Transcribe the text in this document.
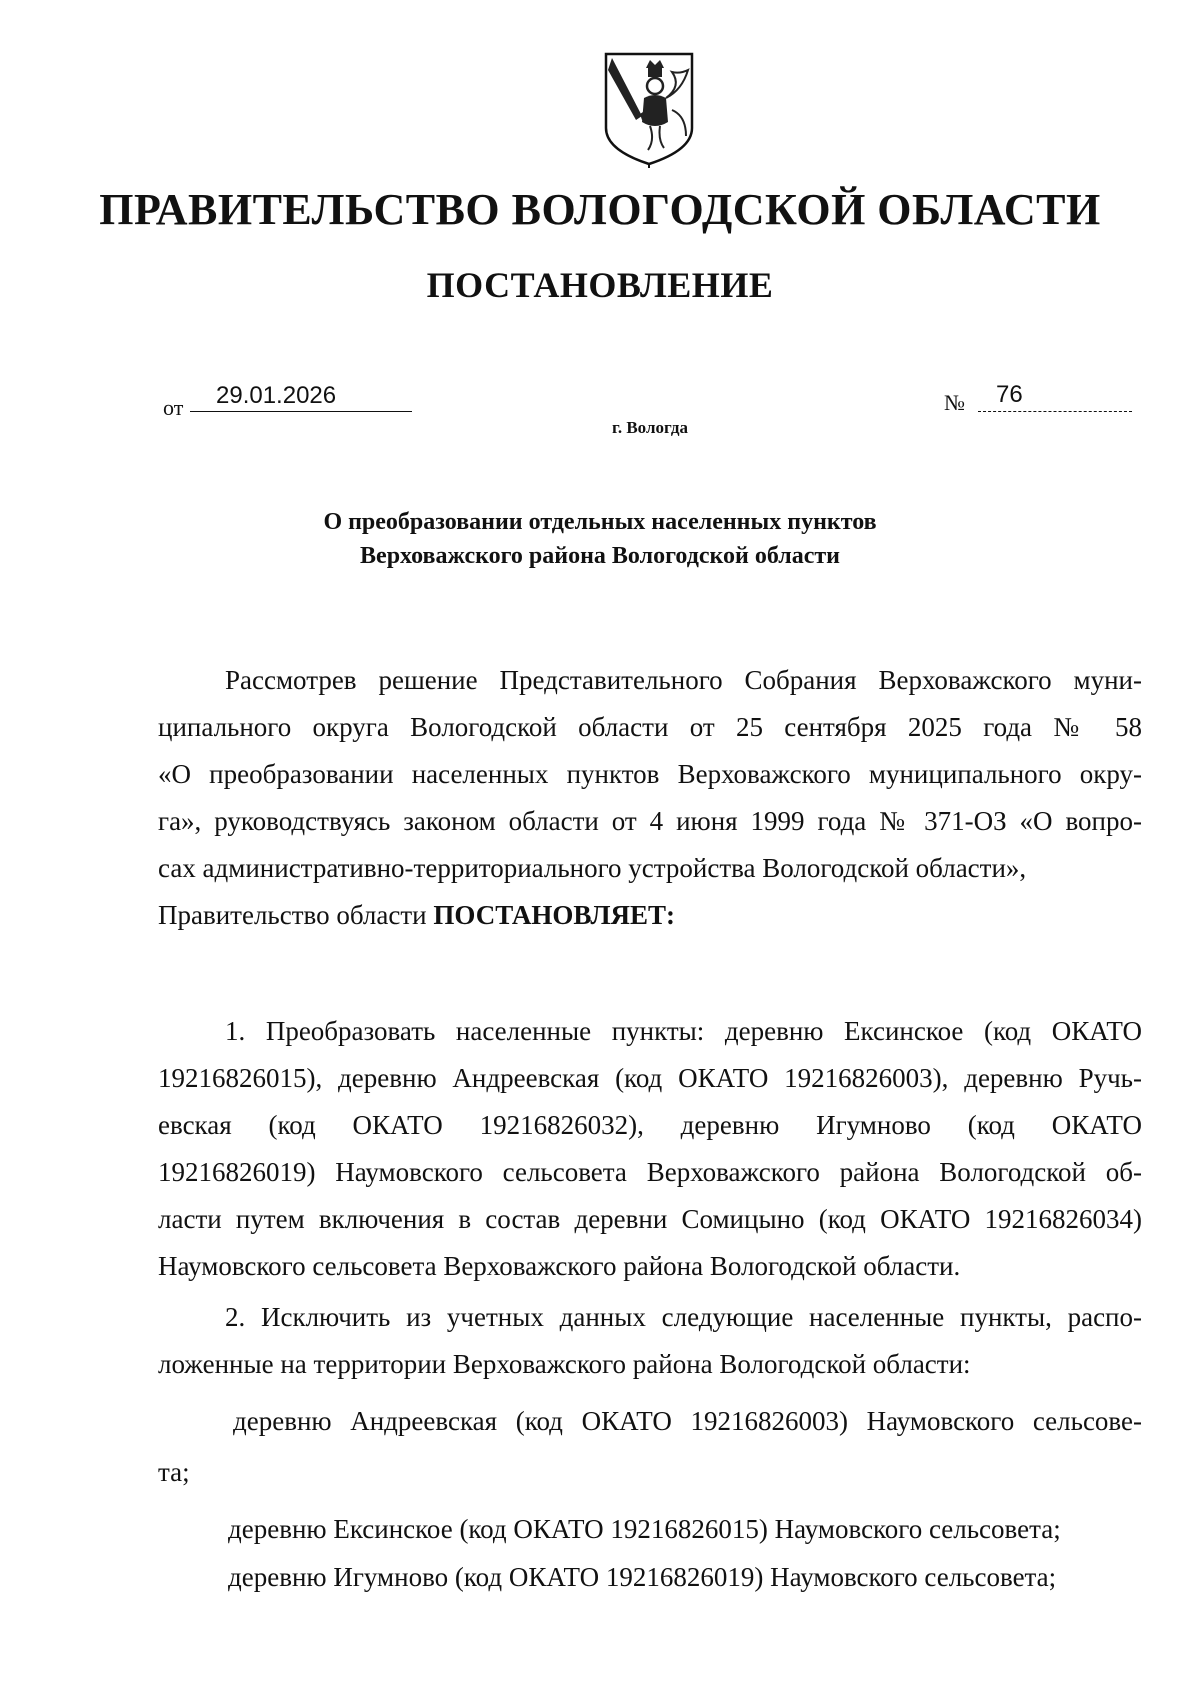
ПРАВИТЕЛЬСТВО ВОЛОГОДСКОЙ ОБЛАСТИ
ПОСТАНОВЛЕНИЕ
от	29.01.2026	№	76
г. Вологда
О преобразовании отдельных населенных пунктов
Верховажского района Вологодской области
Рассмотрев решение Представительного Собрания Верховажского муни-
ципального округа Вологодской области от 25 сентября 2025 года № 58
«О преобразовании населенных пунктов Верховажского муниципального окру-
га», руководствуясь законом области от 4 июня 1999 года № 371-ОЗ «О вопро-
сах административно-территориального устройства Вологодской области»,
Правительство области ПОСТАНОВЛЯЕТ:
1. Преобразовать населенные пункты: деревню Ексинское (код ОКАТО
19216826015), деревню Андреевская (код ОКАТО 19216826003), деревню Ручь-
евская (код ОКАТО 19216826032), деревню Игумново (код ОКАТО
19216826019) Наумовского сельсовета Верховажского района Вологодской об-
ласти путем включения в состав деревни Сомицыно (код ОКАТО 19216826034)
Наумовского сельсовета Верховажского района Вологодской области.
2. Исключить из учетных данных следующие населенные пункты, распо-
ложенные на территории Верховажского района Вологодской области:
деревню Андреевская (код ОКАТО 19216826003) Наумовского сельсове-
та;
деревню Ексинское (код ОКАТО 19216826015) Наумовского сельсовета;
деревню Игумново (код ОКАТО 19216826019) Наумовского сельсовета;
